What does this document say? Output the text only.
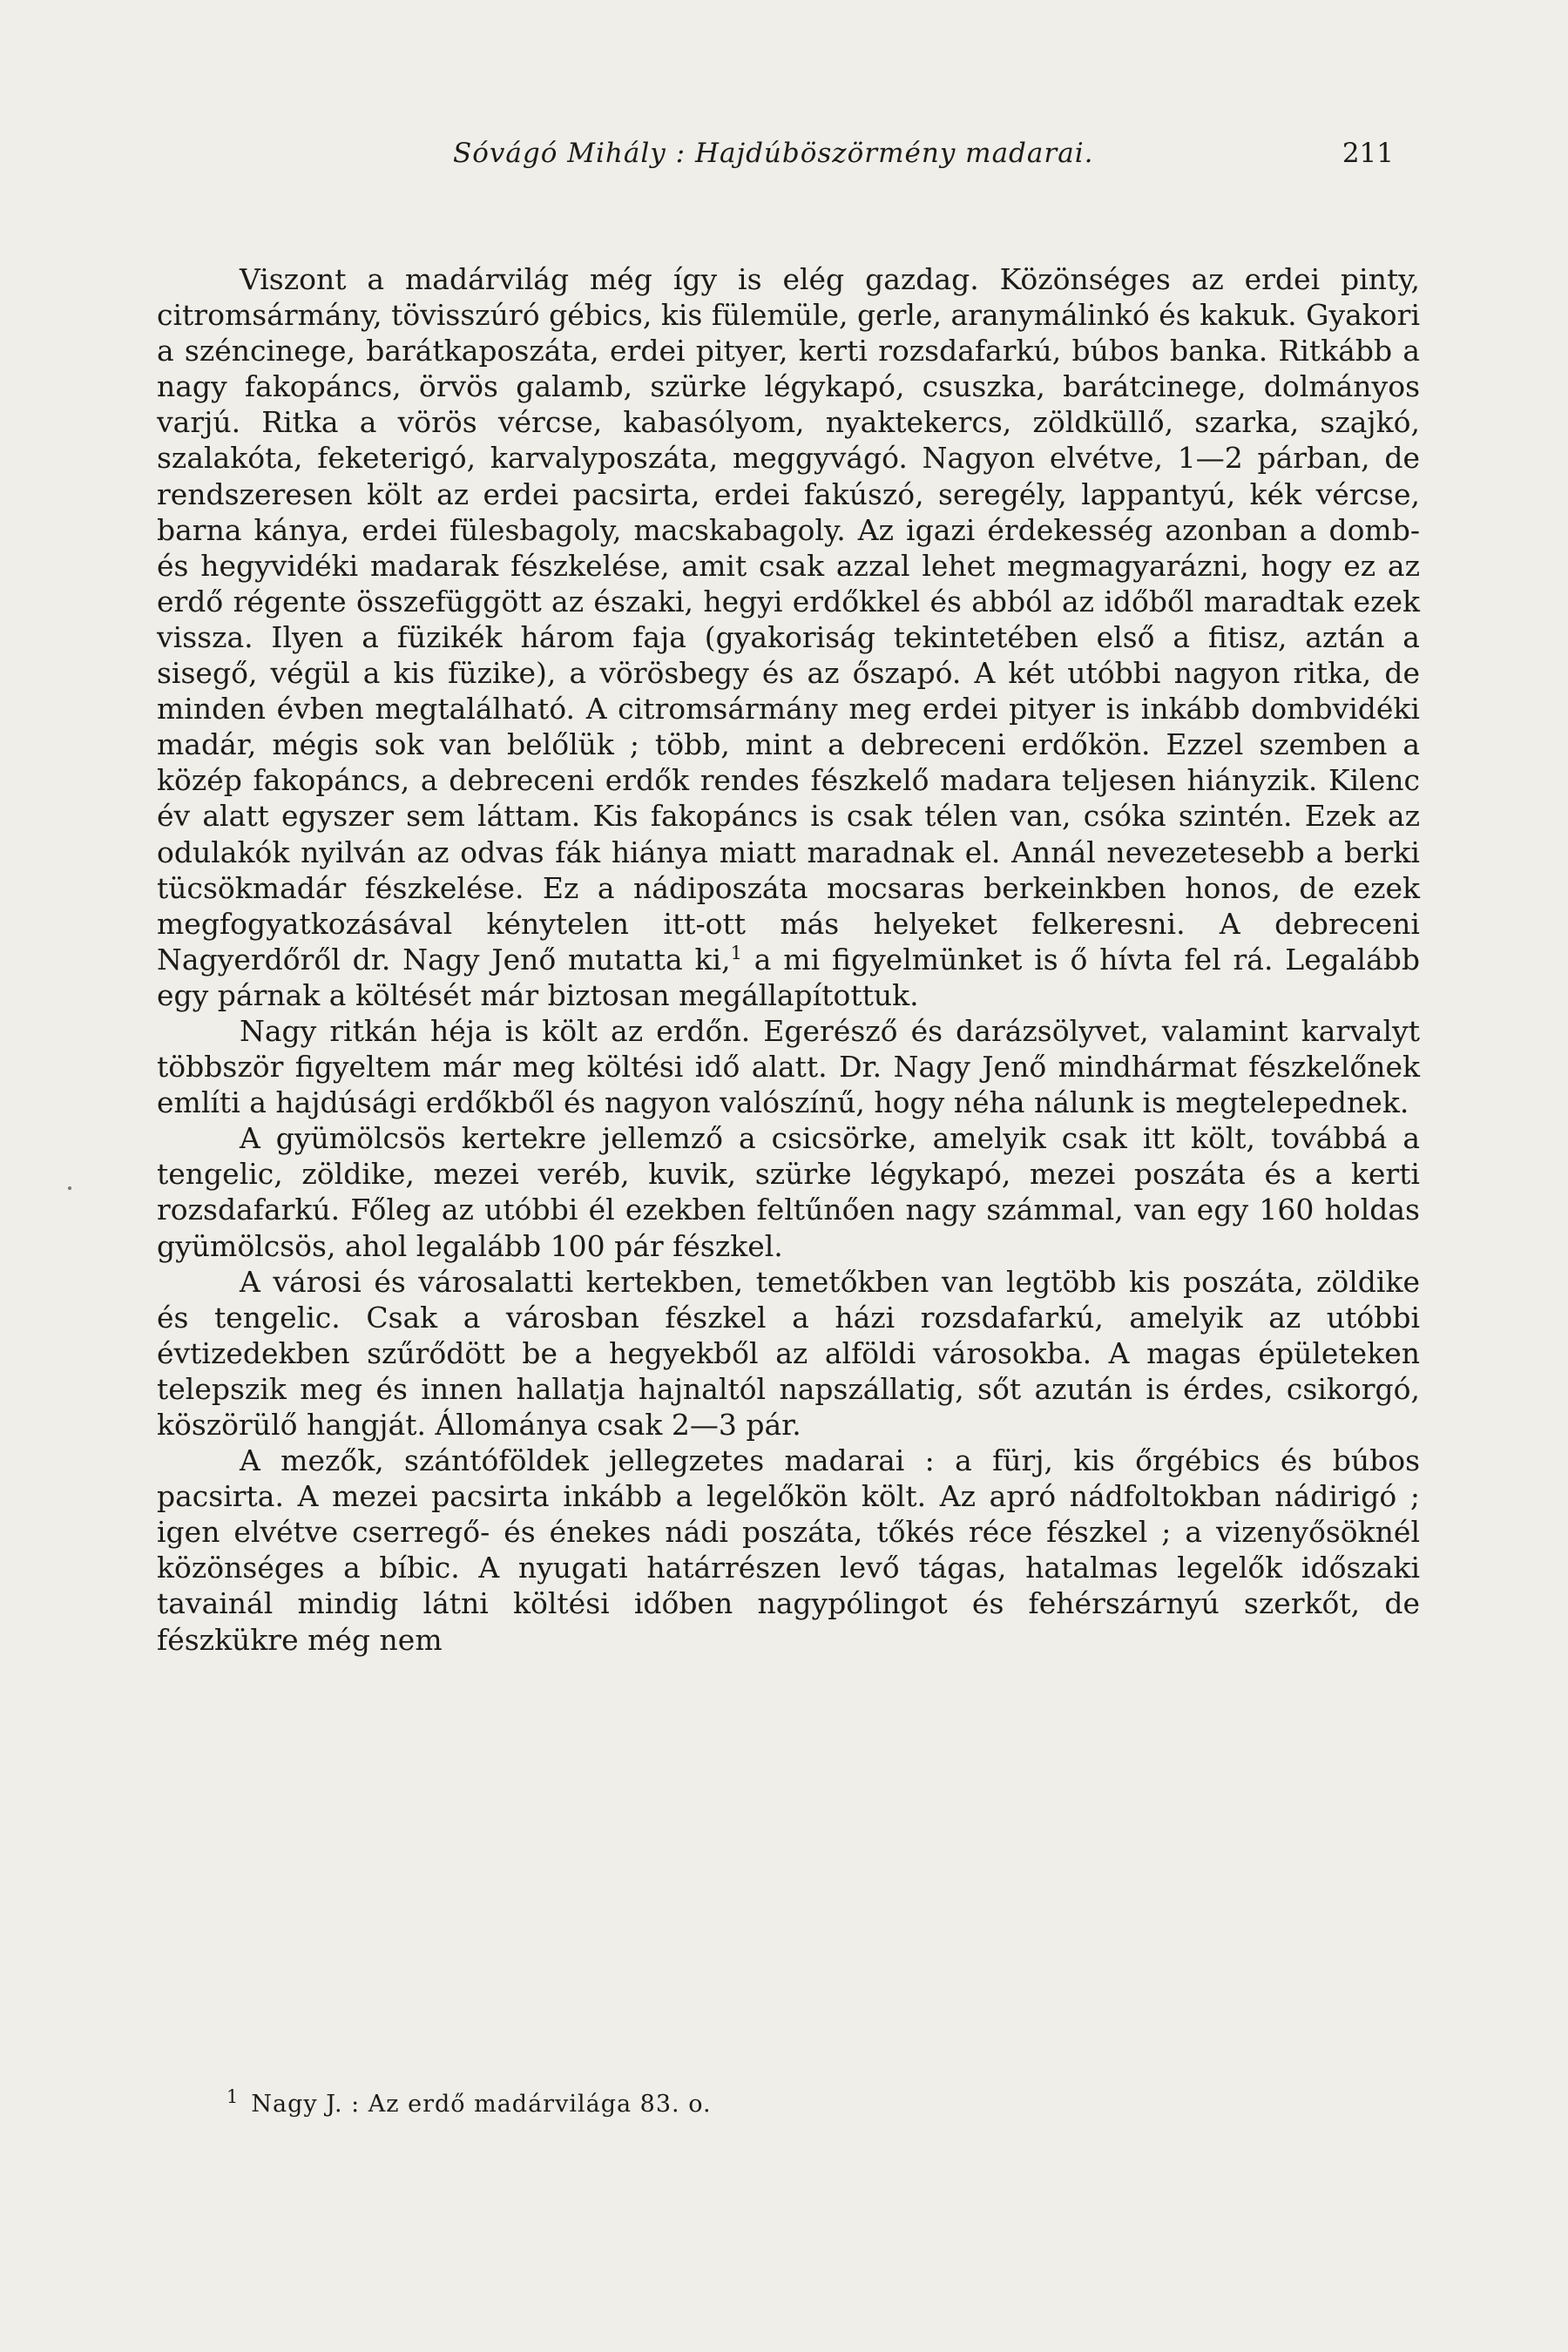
Sóvágó Mihály : Hajdúböszörmény madarai.	211

Viszont a madárvilág még így is elég gazdag. Közönséges az erdei pinty, citromsármány, tövisszúró gébics, kis fülemüle, gerle, aranymálinkó és kakuk. Gyakori a széncinege, barátkaposzáta, erdei pityer, kerti rozsdafarkú, búbos banka. Ritkább a nagy fakopáncs, örvös galamb, szürke légykapó, csuszka, barátcinege, dolmányos varjú. Ritka a vörös vércse, kabasólyom, nyaktekercs, zöldküllő, szarka, szajkó, szalakóta, feketerigó, karvalyposzáta, meggyvágó. Nagyon elvétve, 1—2 párban, de rendszeresen költ az erdei pacsirta, erdei fakúszó, seregély, lappantyú, kék vércse, barna kánya, erdei fülesbagoly, macskabagoly. Az igazi érdekesség azonban a domb- és hegyvidéki madarak fészkelése, amit csak azzal lehet megmagyarázni, hogy ez az erdő régente összefüggött az északi, hegyi erdőkkel és abból az időből maradtak ezek vissza. Ilyen a füzikék három faja (gyakoriság tekintetében első a fitisz, aztán a sisegő, végül a kis füzike), a vörösbegy és az őszapó. A két utóbbi nagyon ritka, de minden évben megtalálható. A citromsármány meg erdei pityer is inkább dombvidéki madár, mégis sok van belőlük ; több, mint a debreceni erdőkön. Ezzel szemben a közép fakopáncs, a debreceni erdők rendes fészkelő madara teljesen hiányzik. Kilenc év alatt egyszer sem láttam. Kis fakopáncs is csak télen van, csóka szintén. Ezek az odulakók nyilván az odvas fák hiánya miatt maradnak el. Annál nevezetesebb a berki tücsökmadár fészkelése. Ez a nádiposzáta mocsaras berkeinkben honos, de ezek megfogyatkozásával kénytelen itt-ott más helyeket felkeresni. A debreceni Nagyerdőről dr. Nagy Jenő mutatta ki,$^1$ a mi figyelmünket is ő hívta fel rá. Legalább egy párnak a költését már biztosan megállapítottuk.

Nagy ritkán héja is költ az erdőn. Egerésző és darázsölyvet, valamint karvalyt többször figyeltem már meg költési idő alatt. Dr. Nagy Jenő mindhármat fészkelőnek említi a hajdúsági erdőkből és nagyon valószínű, hogy néha nálunk is megtelepednek.

A gyümölcsös kertekre jellemző a csicsörke, amelyik csak itt költ, továbbá a tengelic, zöldike, mezei veréb, kuvik, szürke légykapó, mezei poszáta és a kerti rozsdafarkú. Főleg az utóbbi él ezekben feltűnően nagy számmal, van egy 160 holdas gyümölcsös, ahol legalább 100 pár fészkel.

A városi és városalatti kertekben, temetőkben van legtöbb kis poszáta, zöldike és tengelic. Csak a városban fészkel a házi rozsdafarkú, amelyik az utóbbi évtizedekben szűrődött be a hegyekből az alföldi városokba. A magas épületeken telepszik meg és innen hallatja hajnaltól napszállatig, sőt azután is érdes, csikorgó, köszörülő hangját. Állománya csak 2—3 pár.

A mezők, szántóföldek jellegzetes madarai : a fürj, kis őrgébics és búbos pacsirta. A mezei pacsirta inkább a legelőkön költ. Az apró nádfoltokban nádirigó ; igen elvétve cserregő- és énekes nádi poszáta, tőkés réce fészkel ; a vizenyősöknél közönséges a bíbic. A nyugati határrészen levő tágas, hatalmas legelők időszaki tavainál mindig látni költési időben nagypólingot és fehérszárnyú szerkőt, de fészkükre még nem

$^1$ Nagy J. : Az erdő madárvilága 83. o.
